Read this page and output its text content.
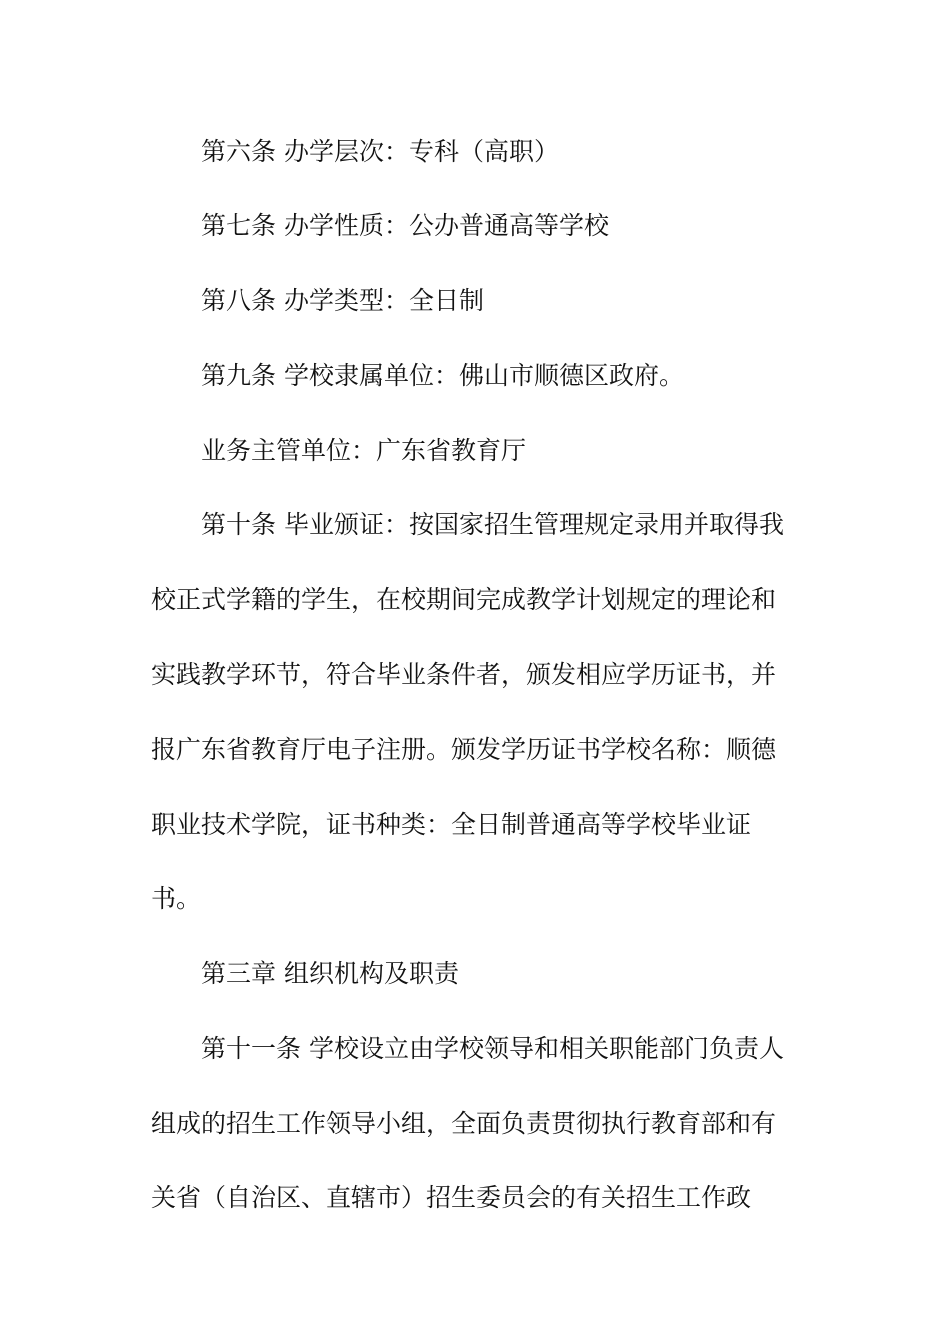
第六条 办学层次：专科（高职）
第七条 办学性质：公办普通高等学校
第八条 办学类型：全日制
第九条 学校隶属单位：佛山市顺德区政府。
业务主管单位：广东省教育厅
第十条 毕业颁证：按国家招生管理规定录用并取得我
校正式学籍的学生，在校期间完成教学计划规定的理论和
实践教学环节，符合毕业条件者，颁发相应学历证书，并
报广东省教育厅电子注册。颁发学历证书学校名称：顺德
职业技术学院，证书种类：全日制普通高等学校毕业证
书。
第三章 组织机构及职责
第十一条 学校设立由学校领导和相关职能部门负责人
组成的招生工作领导小组，全面负责贯彻执行教育部和有
关省（自治区、直辖市）招生委员会的有关招生工作政
